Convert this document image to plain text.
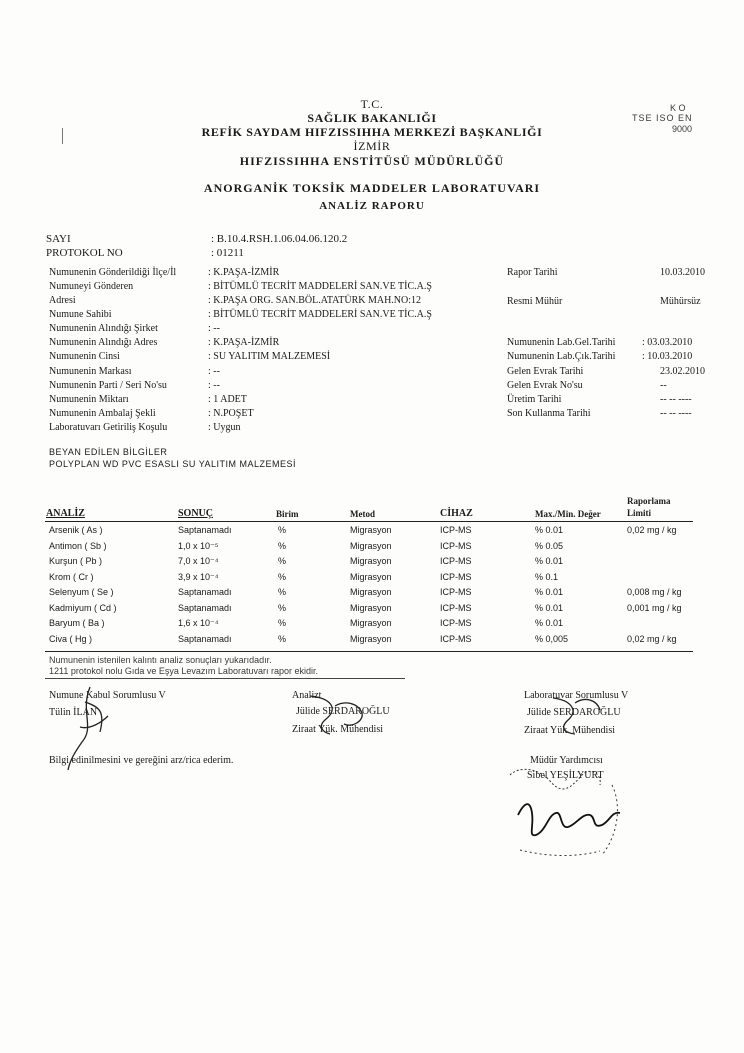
T.C.
SAĞLIK BAKANLIĞI
REFİK SAYDAM HIFZISSIHHA MERKEZİ BAŞKANLIĞI
İZMİR
HIFZISSIHHA ENSTİTÜSÜ MÜDÜRLÜĞÜ
ANORGANİK TOKSİK MADDELER LABORATUVARI
ANALİZ RAPORU
K O
TSE ISO EN
9000
SAYI	: B.10.4.RSH.1.06.04.06.120.2
PROTOKOL NO	: 01211
Numunenin Gönderildiği İlçe/İl	: K.PAŞA-İZMİR
Numuneyi Gönderen	: BİTÜMLÜ TECRİT MADDELERİ SAN.VE TİC.A.Ş
Adresi	: K.PAŞA ORG. SAN.BÖL.ATATÜRK MAH.NO:12
Numune Sahibi	: BİTÜMLÜ TECRİT MADDELERİ SAN.VE TİC.A.Ş
Numunenin Alındığı Şirket	: --
Numunenin Alındığı Adres	: K.PAŞA-İZMİR
Numunenin Cinsi	: SU YALITIM MALZEMESİ
Numunenin Markası	: --
Numunenin Parti / Seri No'su	: --
Numunenin Miktarı	: 1 ADET
Numunenin Ambalaj Şekli	: N.POŞET
Laboratuvarı Getiriliş Koşulu	: Uygun
Rapor Tarihi	10.03.2010
Resmi Mühür	Mühürsüz
Numunenin Lab.Gel.Tarihi	: 03.03.2010
Numunenin Lab.Çık.Tarihi	: 10.03.2010
Gelen Evrak Tarihi	23.02.2010
Gelen Evrak No'su	--
Üretim Tarihi	-- -- ----
Son Kullanma Tarihi	-- -- ----
BEYAN EDİLEN BİLGİLER
POLYPLAN WD PVC ESASLI SU YALITIM MALZEMESİ
Raporlama
Limiti
ANALİZ	SONUÇ	Birim	Metod	CİHAZ	Max./Min. Değer
Arsenik ( As )	Saptanamadı	%	Migrasyon	ICP-MS	% 0.01	0,02 mg / kg
Antimon ( Sb )	1,0 x 10⁻⁵	%	Migrasyon	ICP-MS	% 0.05
Kurşun ( Pb )	7,0 x 10⁻⁴	%	Migrasyon	ICP-MS	% 0.01
Krom ( Cr )	3,9 x 10⁻⁴	%	Migrasyon	ICP-MS	% 0.1
Selenyum ( Se )	Saptanamadı	%	Migrasyon	ICP-MS	% 0.01	0,008 mg / kg
Kadmiyum ( Cd )	Saptanamadı	%	Migrasyon	ICP-MS	% 0.01	0,001 mg / kg
Baryum ( Ba )	1,6 x 10⁻⁴	%	Migrasyon	ICP-MS	% 0.01
Civa ( Hg )	Saptanamadı	%	Migrasyon	ICP-MS	% 0,005	0,02 mg / kg
Numunenin istenilen kalıntı analiz sonuçları yukarıdadır.
1211 protokol nolu Gıda ve Eşya Levazım Laboratuvarı rapor ekidir.
Numune Kabul Sorumlusu V
Tülin İLAN
Analizt
Jülide SERDAROĞLU
Ziraat Yük. Mühendisi
Laboratuvar Sorumlusu V
Jülide SERDAROĞLU
Ziraat Yük. Mühendisi
Bilgi edinilmesini ve gereğini arz/rica ederim.	Müdür Yardımcısı
Sibel YEŞİLYURT
